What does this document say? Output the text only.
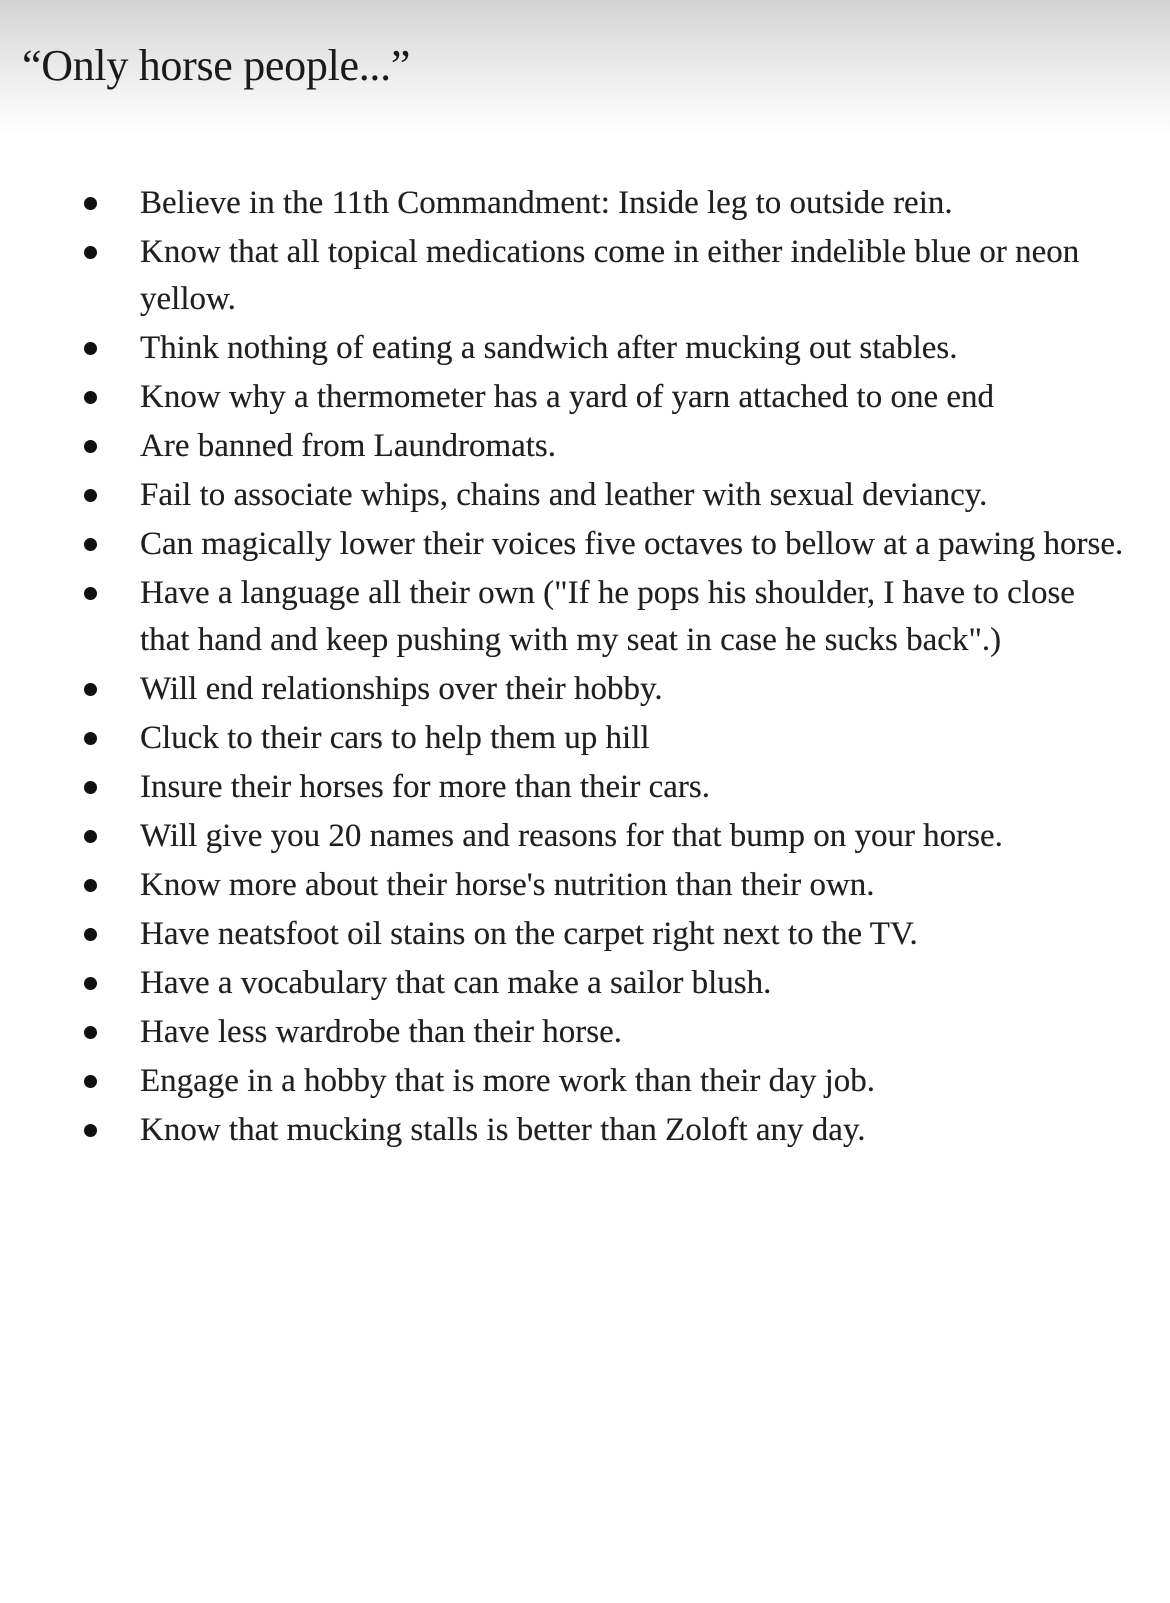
“Only horse people...”
Believe in the 11th Commandment: Inside leg to outside rein.
Know that all topical medications come in either indelible blue or neon yellow.
Think nothing of eating a sandwich after mucking out stables.
Know why a thermometer has a yard of yarn attached to one end
Are banned from Laundromats.
Fail to associate whips, chains and leather with sexual deviancy.
Can magically lower their voices five octaves to bellow at a pawing horse.
Have a language all their own ("If he pops his shoulder, I have to close that hand and keep pushing with my seat in case he sucks back".)
Will end relationships over their hobby.
Cluck to their cars to help them up hill
Insure their horses for more than their cars.
Will give you 20 names and reasons for that bump on your horse.
Know more about their horse's nutrition than their own.
Have neatsfoot oil stains on the carpet right next to the TV.
Have a vocabulary that can make a sailor blush.
Have less wardrobe than their horse.
Engage in a hobby that is more work than their day job.
Know that mucking stalls is better than Zoloft any day.
